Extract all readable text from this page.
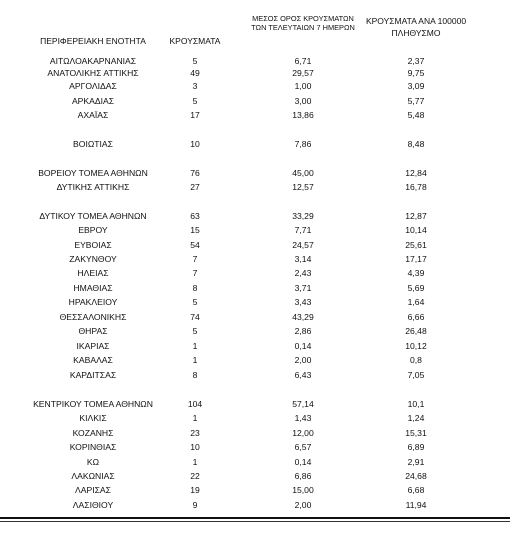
ΠΕΡΙΦΕΡΕΙΑΚΗ ΕΝΟΤΗΤΑ	ΚΡΟΥΣΜΑΤΑ
ΜΕΣΟΣ ΟΡΟΣ ΚΡΟΥΣΜΑΤΩΝ
ΤΩΝ ΤΕΛΕΥΤΑΙΩΝ 7 ΗΜΕΡΩΝ
ΚΡΟΥΣΜΑΤΑ ΑΝΑ 100000
ΠΛΗΘΥΣΜΟ
ΑΙΤΩΛΟΑΚΑΡΝΑΝΙΑΣ	5	6,71	2,37
ΑΝΑΤΟΛΙΚΗΣ ΑΤΤΙΚΗΣ	49	29,57	9,75
ΑΡΓΟΛΙΔΑΣ	3	1,00	3,09
ΑΡΚΑΔΙΑΣ	5	3,00	5,77
ΑΧΑΪΑΣ	17	13,86	5,48
ΒΟΙΩΤΙΑΣ	10	7,86	8,48
ΒΟΡΕΙΟΥ ΤΟΜΕΑ ΑΘΗΝΩΝ	76	45,00	12,84
ΔΥΤΙΚΗΣ ΑΤΤΙΚΗΣ	27	12,57	16,78
ΔΥΤΙΚΟΥ ΤΟΜΕΑ ΑΘΗΝΩΝ	63	33,29	12,87
ΕΒΡΟΥ	15	7,71	10,14
ΕΥΒΟΙΑΣ	54	24,57	25,61
ΖΑΚΥΝΘΟΥ	7	3,14	17,17
ΗΛΕΙΑΣ	7	2,43	4,39
ΗΜΑΘΙΑΣ	8	3,71	5,69
ΗΡΑΚΛΕΙΟΥ	5	3,43	1,64
ΘΕΣΣΑΛΟΝΙΚΗΣ	74	43,29	6,66
ΘΗΡΑΣ	5	2,86	26,48
ΙΚΑΡΙΑΣ	1	0,14	10,12
ΚΑΒΑΛΑΣ	1	2,00	0,8
ΚΑΡΔΙΤΣΑΣ	8	6,43	7,05
ΚΕΝΤΡΙΚΟΥ ΤΟΜΕΑ ΑΘΗΝΩΝ	104	57,14	10,1
ΚΙΛΚΙΣ	1	1,43	1,24
ΚΟΖΑΝΗΣ	23	12,00	15,31
ΚΟΡΙΝΘΙΑΣ	10	6,57	6,89
ΚΩ	1	0,14	2,91
ΛΑΚΩΝΙΑΣ	22	6,86	24,68
ΛΑΡΙΣΑΣ	19	15,00	6,68
ΛΑΣΙΘΙΟΥ	9	2,00	11,94
